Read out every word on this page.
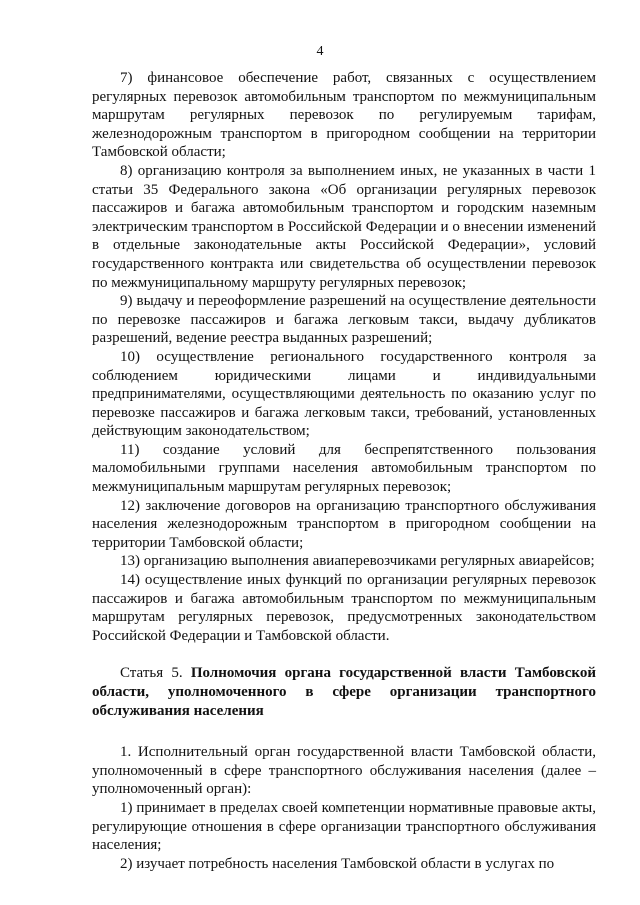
4

7) финансовое обеспечение работ, связанных с осуществлением регулярных перевозок автомобильным транспортом по межмуниципальным маршрутам регулярных перевозок по регулируемым тарифам, железнодорожным транспортом в пригородном сообщении на территории Тамбовской области;

8) организацию контроля за выполнением иных, не указанных в части 1 статьи 35 Федерального закона «Об организации регулярных перевозок пассажиров и багажа автомобильным транспортом и городским наземным электрическим транспортом в Российской Федерации и о внесении изменений в отдельные законодательные акты Российской Федерации», условий государственного контракта или свидетельства об осуществлении перевозок по межмуниципальному маршруту регулярных перевозок;

9) выдачу и переоформление разрешений на осуществление деятельности по перевозке пассажиров и багажа легковым такси, выдачу дубликатов разрешений, ведение реестра выданных разрешений;

10) осуществление регионального государственного контроля за соблюдением юридическими лицами и индивидуальными предпринимателями, осуществляющими деятельность по оказанию услуг по перевозке пассажиров и багажа легковым такси, требований, установленных действующим законодательством;

11) создание условий для беспрепятственного пользования маломобильными группами населения автомобильным транспортом по межмуниципальным маршрутам регулярных перевозок;

12) заключение договоров на организацию транспортного обслуживания населения железнодорожным транспортом в пригородном сообщении на территории Тамбовской области;

13) организацию выполнения авиаперевозчиками регулярных авиарейсов;

14) осуществление иных функций по организации регулярных перевозок пассажиров и багажа автомобильным транспортом по межмуниципальным маршрутам регулярных перевозок, предусмотренных законодательством Российской Федерации и Тамбовской области.

Статья 5. Полномочия органа государственной власти Тамбовской области, уполномоченного в сфере организации транспортного обслуживания населения

1. Исполнительный орган государственной власти Тамбовской области, уполномоченный в сфере транспортного обслуживания населения (далее – уполномоченный орган):

1) принимает в пределах своей компетенции нормативные правовые акты, регулирующие отношения в сфере организации транспортного обслуживания населения;

2) изучает потребность населения Тамбовской области в услугах по
